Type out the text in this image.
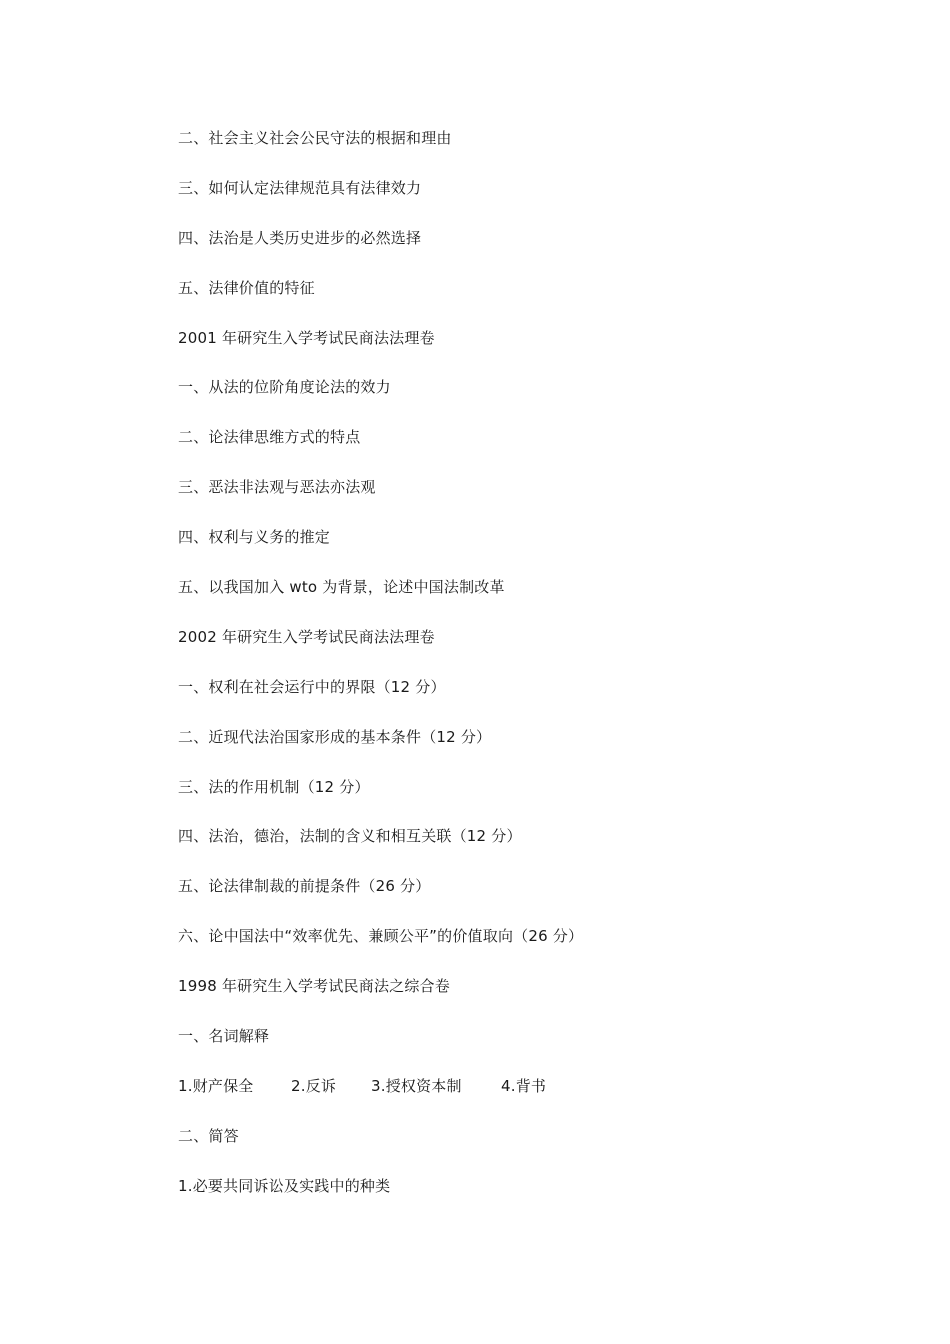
二、社会主义社会公民守法的根据和理由
三、如何认定法律规范具有法律效力
四、法治是人类历史进步的必然选择
五、法律价值的特征
2001 年研究生入学考试民商法法理卷
一、从法的位阶角度论法的效力
二、论法律思维方式的特点
三、恶法非法观与恶法亦法观
四、权利与义务的推定
五、以我国加入 wto 为背景，论述中国法制改革
2002 年研究生入学考试民商法法理卷
一、权利在社会运行中的界限（12 分）
二、近现代法治国家形成的基本条件（12 分）
三、法的作用机制（12 分）
四、法治，德治，法制的含义和相互关联（12 分）
五、论法律制裁的前提条件（26 分）
六、论中国法中“效率优先、兼顾公平”的价值取向（26 分）
1998 年研究生入学考试民商法之综合卷
一、名词解释
1.财产保全	2.反诉	3.授权资本制	4.背书
二、简答
1.必要共同诉讼及实践中的种类
